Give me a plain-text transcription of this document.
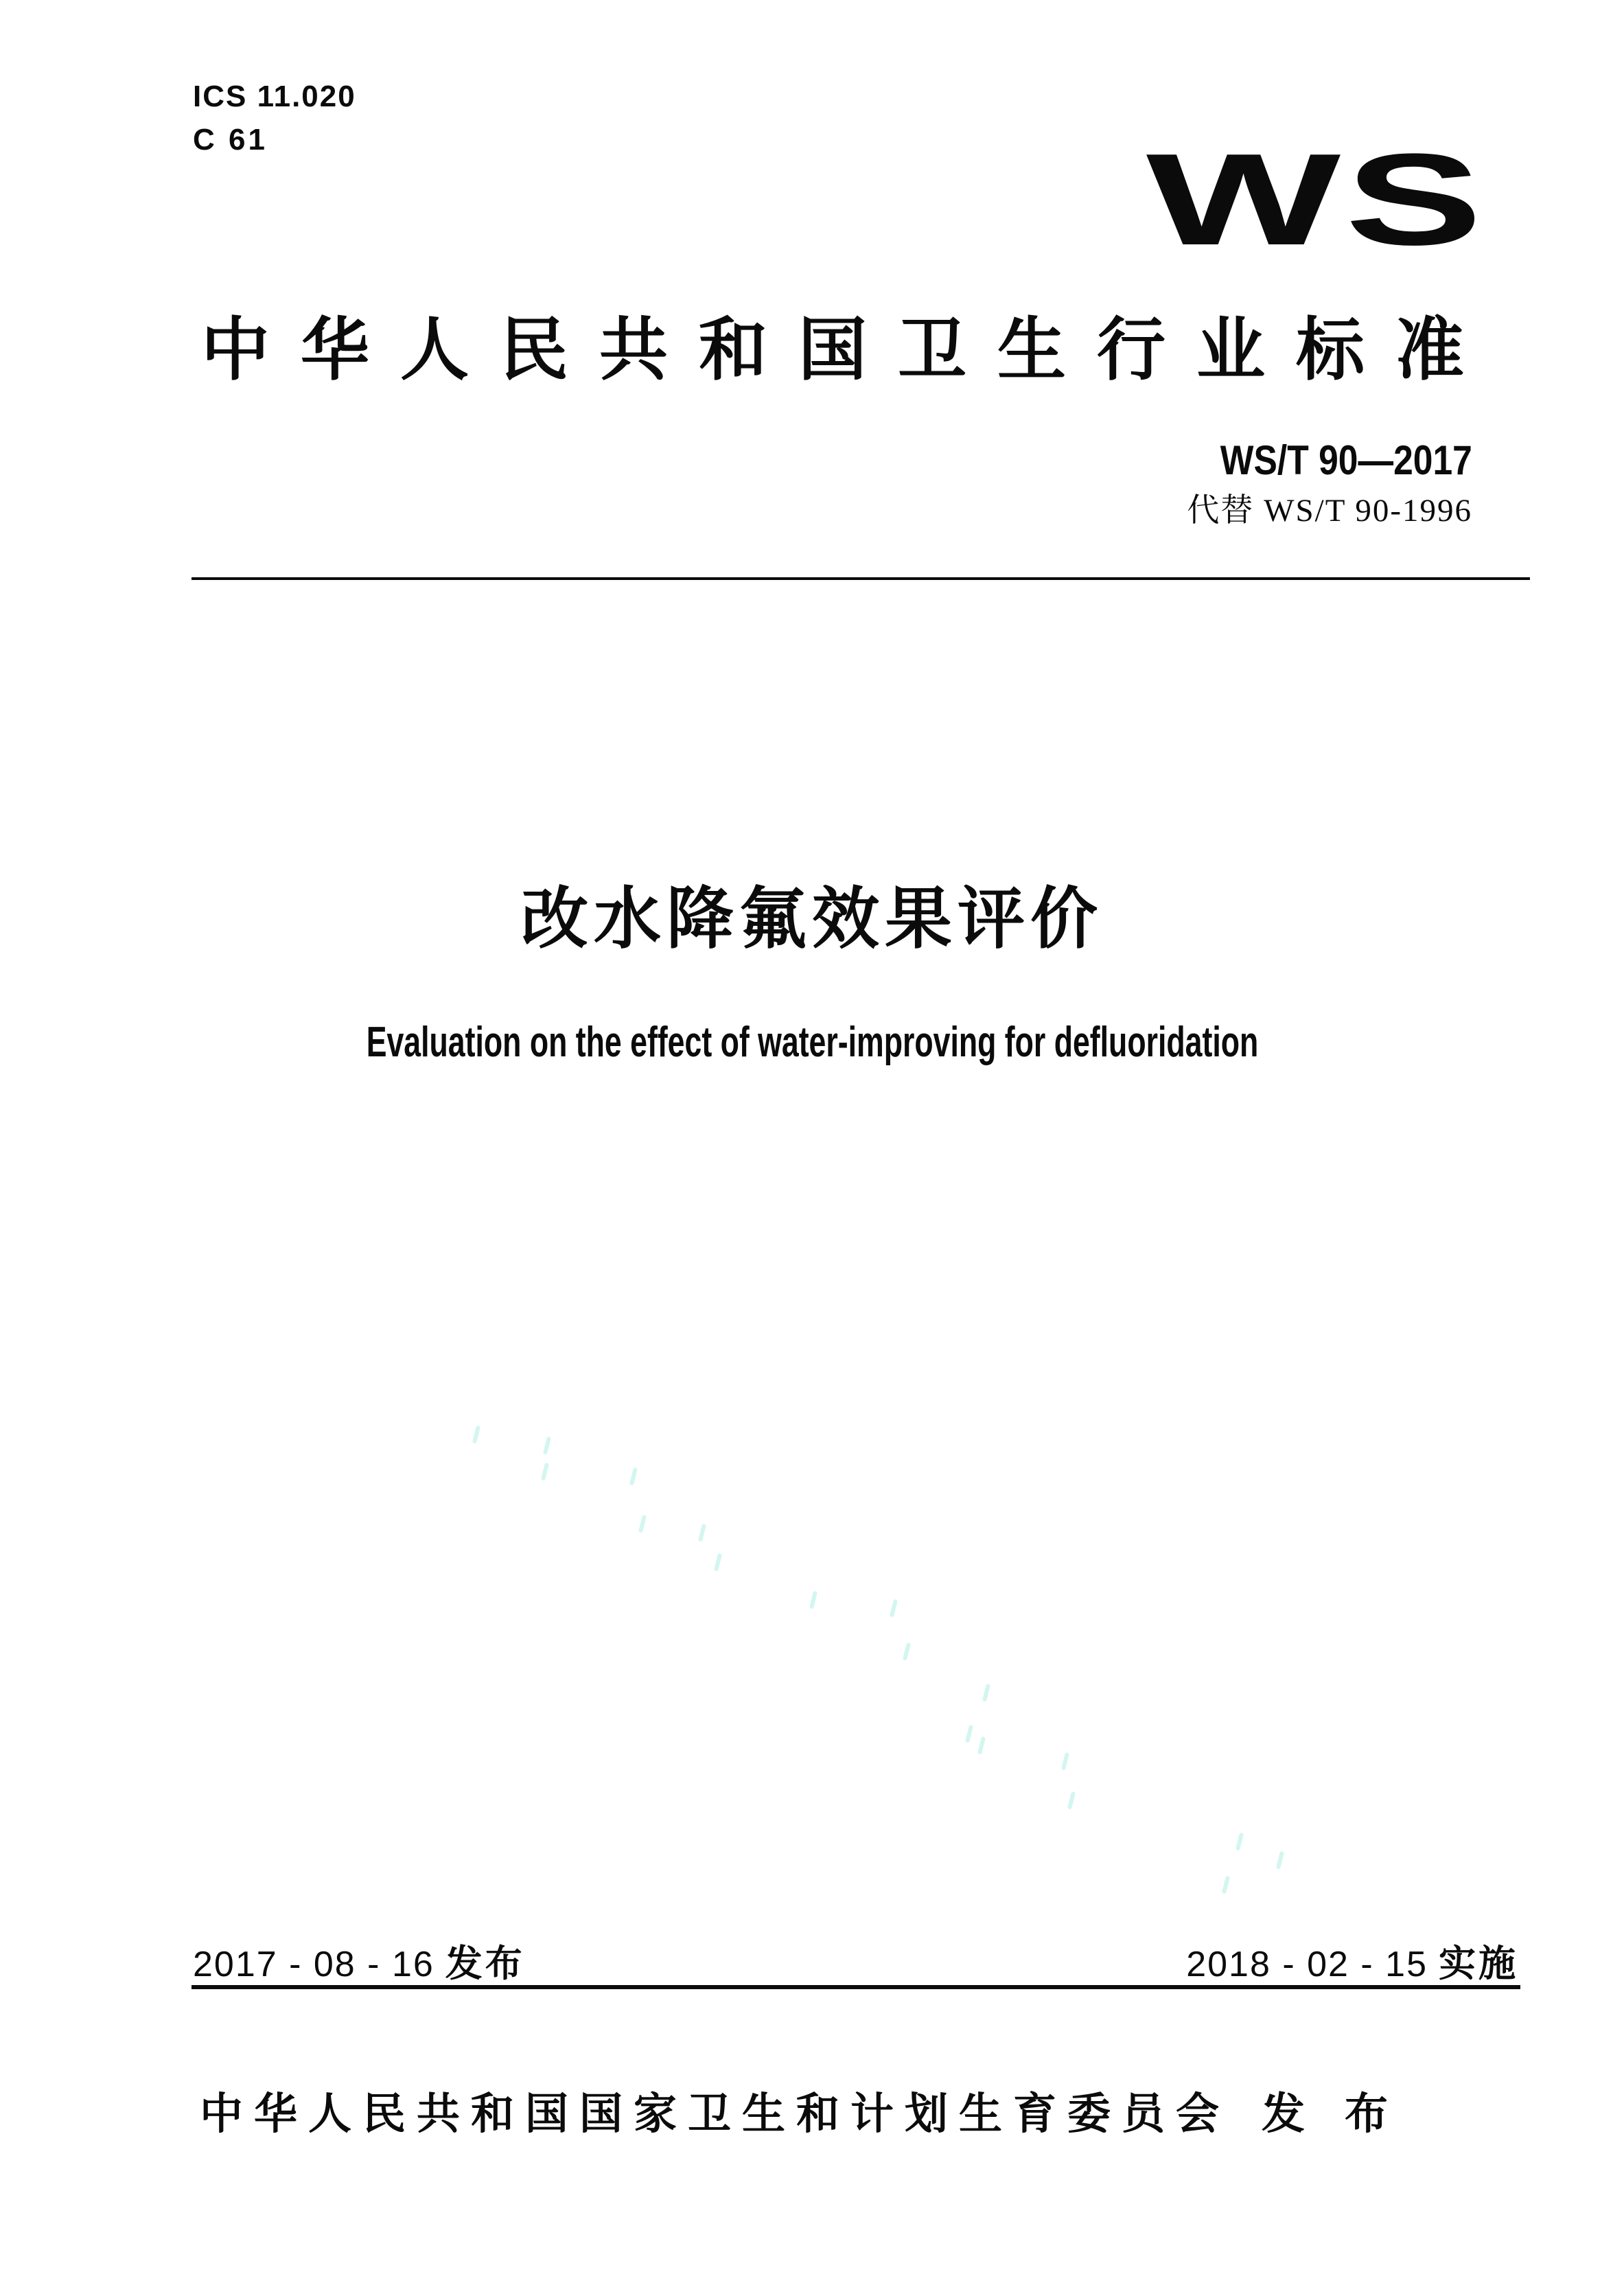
ICS 11.020
C 61	WS
中华人民共和国卫生行业标准
WS/T 90—2017
代替 WS/T 90-1996
改水降氟效果评价
Evaluation on the effect of water-improving for defluoridation
2017 - 08 - 16 发布	2018 - 02 - 15 实施
中华人民共和国国家卫生和计划生育委员会 发布
